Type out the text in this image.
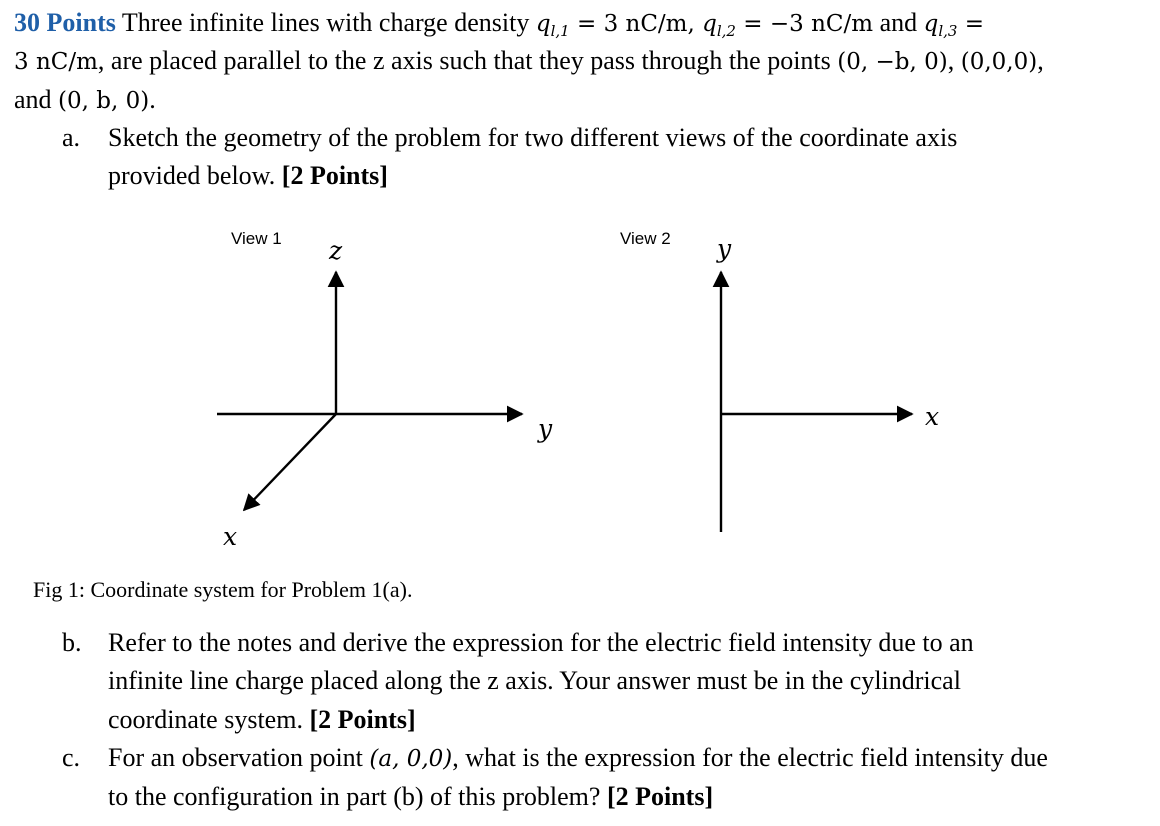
30 Points Three infinite lines with charge density $q_{l,1} = 3$ nC/m, $q_{l,2} = -3$ nC/m and $q_{l,3}$ =
3 nC/m, are placed parallel to the z axis such that they pass through the points (0, −b, 0), (0,0,0),
and (0, b, 0).
a. Sketch the geometry of the problem for two different views of the coordinate axis
provided below. [2 Points]
View 1 z
y
x
View 2 y
x
Fig 1: Coordinate system for Problem 1(a).
b. Refer to the notes and derive the expression for the electric field intensity due to an
infinite line charge placed along the z axis. Your answer must be in the cylindrical
coordinate system. [2 Points]
c. For an observation point (a, 0,0), what is the expression for the electric field intensity due
to the configuration in part (b) of this problem? [2 Points]
